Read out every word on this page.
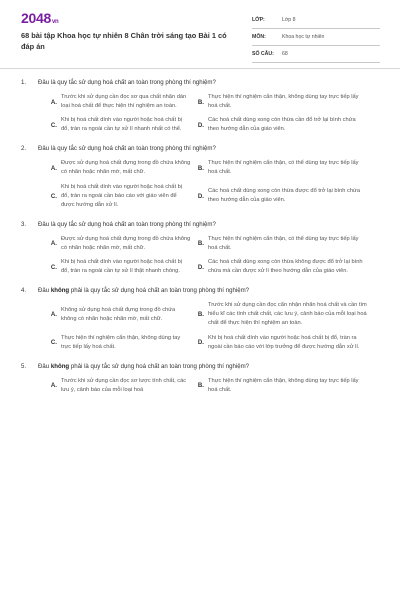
2048vn
68 bài tập Khoa học tự nhiên 8 Chân trời sáng tạo Bài 1 có đáp án
LỚP:	Lớp 8
MÔN:	Khoa học tự nhiên
SỐ CÂU:	68
1.	Đâu là quy tắc sử dụng hoá chất an toàn trong phòng thí nghiệm?
A.
Trước khi sử dụng cần đọc sơ qua chất nhãn dán loại hoá chất để thực hiện thí nghiệm an toàn.
B.
Thực hiện thí nghiệm cẩn thận, không dùng tay trực tiếp lấy hoá chất.
C.
Khi bị hoá chất dính vào người hoặc hoá chất bị đổ, tràn ra ngoài cần tự xử lí nhanh nhất có thể.
D.
Các hoá chất dùng xong còn thừa cần đổ trở lại bình chứa theo hướng dẫn của giáo viên.
2.	Đâu là quy tắc sử dụng hoá chất an toàn trong phòng thí nghiệm?
A.
Được sử dụng hoá chất đựng trong đồ chứa không có nhãn hoặc nhãn mờ, mất chữ.
B.
Thực hiện thí nghiệm cẩn thận, có thể dùng tay trực tiếp lấy hoá chất.
C.
Khi bị hoá chất dính vào người hoặc hoá chất bị đổ, tràn ra ngoài cần báo cáo với giáo viên để được hướng dẫn xử lí.
D.
Các hoá chất dùng xong còn thừa được đổ trở lại bình chứa theo hướng dẫn của giáo viên.
3.	Đâu là quy tắc sử dụng hoá chất an toàn trong phòng thí nghiệm?
A.
Được sử dụng hoá chất đựng trong đồ chứa không có nhãn hoặc nhãn mờ, mất chữ.
B.
Thực hiện thí nghiệm cẩn thận, có thể dùng tay trực tiếp lấy hoá chất.
C.
Khi bị hoá chất dính vào người hoặc hoá chất bị đổ, tràn ra ngoài cần tự xử lí thật nhanh chóng.
D.
Các hoá chất dùng xong còn thừa không được đổ trở lại bình chứa mà cần được xử lí theo hướng dẫn của giáo viên.
4.	Đâu không phải là quy tắc sử dụng hoá chất an toàn trong phòng thí nghiệm?
A.
Không sử dụng hoá chất đựng trong đồ chứa không có nhãn hoặc nhãn mờ, mất chữ.
B.
Trước khi sử dụng cần đọc cẩn nhận nhãn hoá chất và cần tìm hiểu kĩ các tính chất chất, các lưu ý, cảnh báo của mỗi loại hoá chất để thực hiện thí nghiệm an toàn.
C.
Thực hiện thí nghiệm cẩn thận, không dùng tay trực tiếp lấy hoá chất.
D.
Khi bị hoá chất dính vào người hoặc hoá chất bị đổ, tràn ra ngoài cần báo cáo với lớp trưởng để được hướng dẫn xử lí.
5.	Đâu không phải là quy tắc sử dụng hoá chất an toàn trong phòng thí nghiệm?
A.
Trước khi sử dụng cần đọc sơ lược tính chất, các lưu ý, cảnh báo của mỗi loại hoá
B.
Thực hiện thí nghiệm cẩn thận, không dùng tay trực tiếp lấy hoá chất.
